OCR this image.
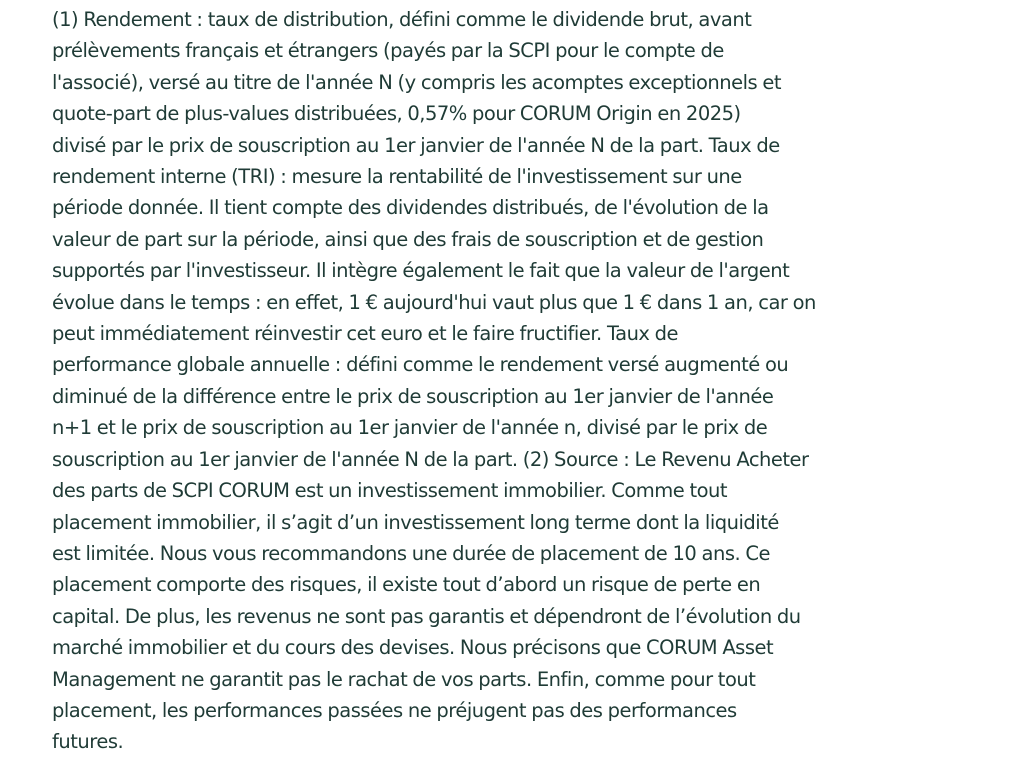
(1) Rendement : taux de distribution, défini comme le dividende brut, avant
prélèvements français et étrangers (payés par la SCPI pour le compte de
l'associé), versé au titre de l'année N (y compris les acomptes exceptionnels et
quote-part de plus-values distribuées, 0,57% pour CORUM Origin en 2025)
divisé par le prix de souscription au 1er janvier de l'année N de la part. Taux de
rendement interne (TRI) : mesure la rentabilité de l'investissement sur une
période donnée. Il tient compte des dividendes distribués, de l'évolution de la
valeur de part sur la période, ainsi que des frais de souscription et de gestion
supportés par l'investisseur. Il intègre également le fait que la valeur de l'argent
évolue dans le temps : en effet, 1 € aujourd'hui vaut plus que 1 € dans 1 an, car on
peut immédiatement réinvestir cet euro et le faire fructifier. Taux de
performance globale annuelle : défini comme le rendement versé augmenté ou
diminué de la différence entre le prix de souscription au 1er janvier de l'année
n+1 et le prix de souscription au 1er janvier de l'année n, divisé par le prix de
souscription au 1er janvier de l'année N de la part. (2) Source : Le Revenu Acheter
des parts de SCPI CORUM est un investissement immobilier. Comme tout
placement immobilier, il s’agit d’un investissement long terme dont la liquidité
est limitée. Nous vous recommandons une durée de placement de 10 ans. Ce
placement comporte des risques, il existe tout d’abord un risque de perte en
capital. De plus, les revenus ne sont pas garantis et dépendront de l’évolution du
marché immobilier et du cours des devises. Nous précisons que CORUM Asset
Management ne garantit pas le rachat de vos parts. Enfin, comme pour tout
placement, les performances passées ne préjugent pas des performances
futures.
